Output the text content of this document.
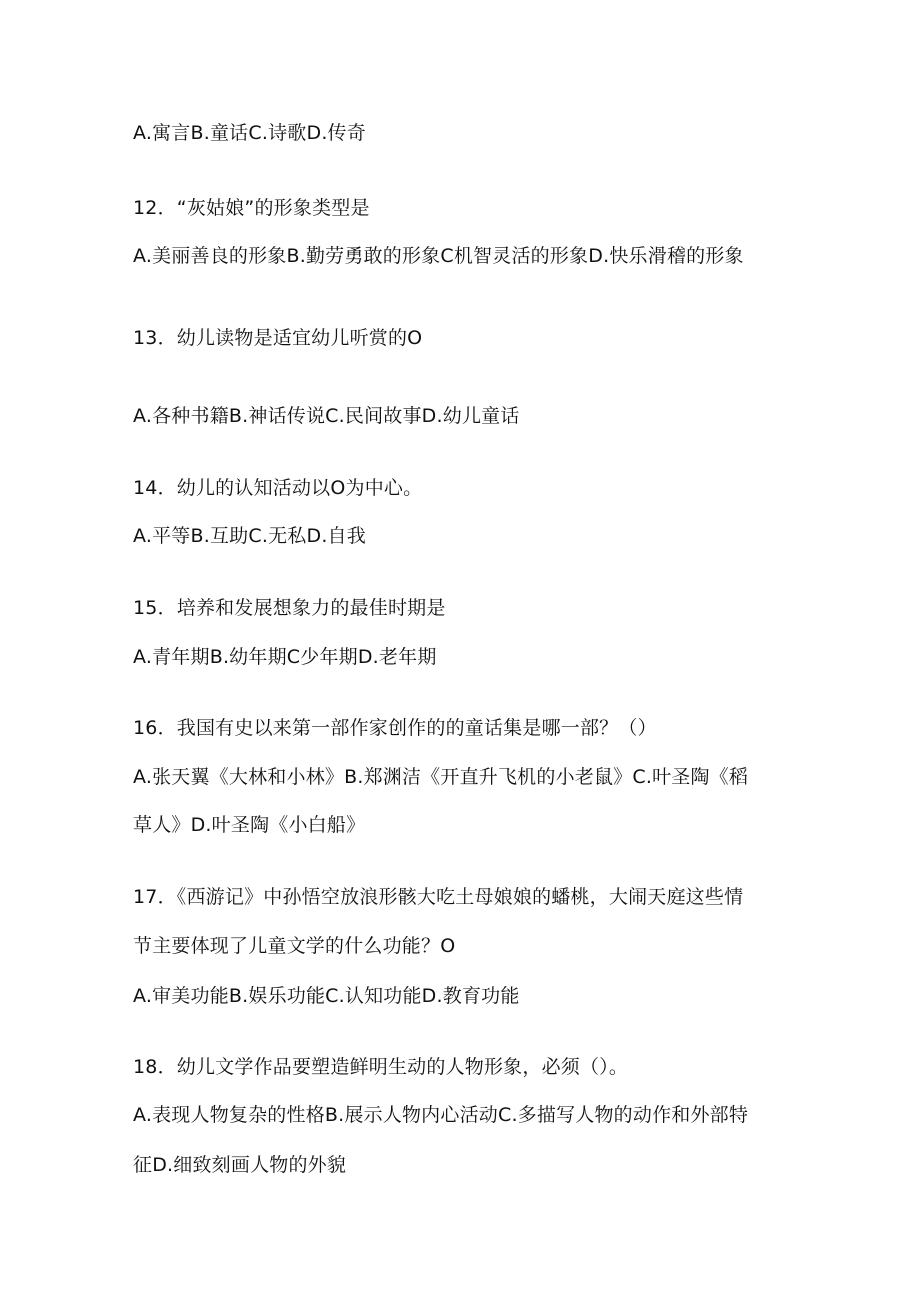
A.寓言B.童话C.诗歌D.传奇
12．“灰姑娘”的形象类型是
A.美丽善良的形象B.勤劳勇敢的形象C机智灵活的形象D.快乐滑稽的形象
13．幼儿读物是适宜幼儿听赏的O
A.各种书籍B.神话传说C.民间故事D.幼儿童话
14．幼儿的认知活动以O为中心。
A.平等B.互助C.无私D.自我
15．培养和发展想象力的最佳时期是
A.青年期B.幼年期C少年期D.老年期
16．我国有史以来第一部作家创作的的童话集是哪一部？（）
A.张天翼《大林和小林》B.郑渊洁《开直升飞机的小老鼠》C.叶圣陶《稻
草人》D.叶圣陶《小白船》
17．《西游记》中孙悟空放浪形骸大吃土母娘娘的蟠桃，大闹天庭这些情
节主要体现了儿童文学的什么功能？O
A.审美功能B.娱乐功能C.认知功能D.教育功能
18．幼儿文学作品要塑造鲜明生动的人物形象，必须（）。
A.表现人物复杂的性格B.展示人物内心活动C.多描写人物的动作和外部特
征D.细致刻画人物的外貌
